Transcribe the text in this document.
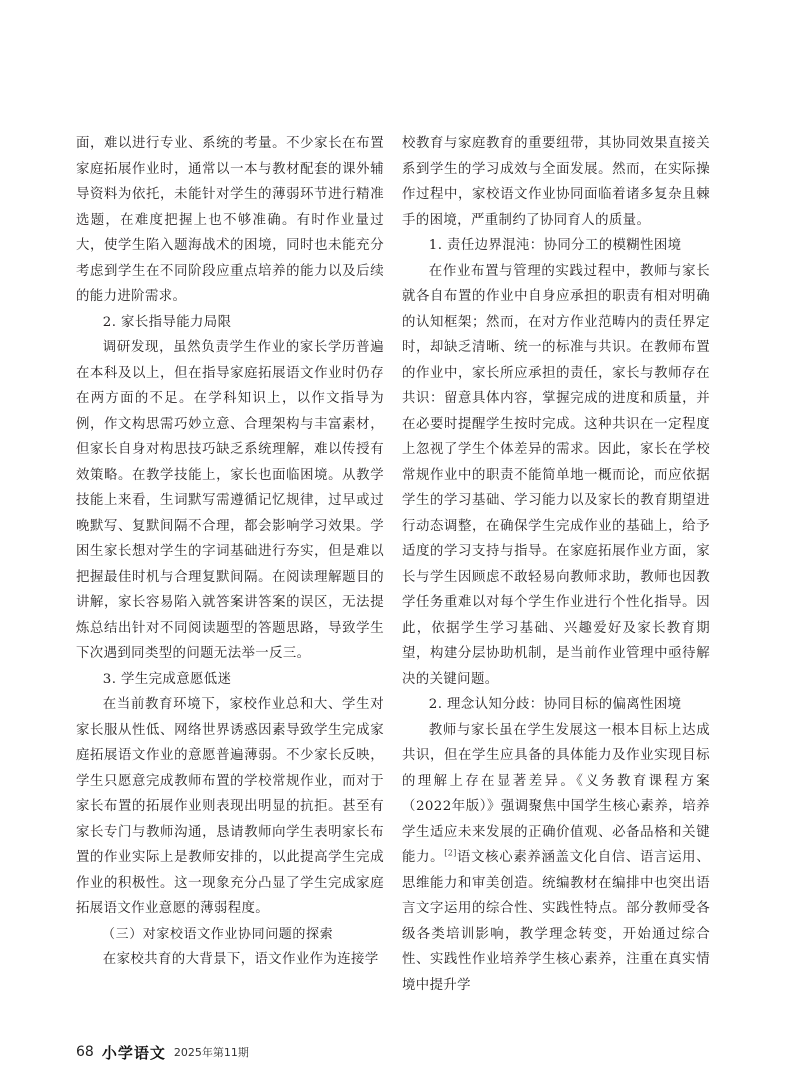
面，难以进行专业、系统的考量。不少家长在布置家庭拓展作业时，通常以一本与教材配套的课外辅导资料为依托，未能针对学生的薄弱环节进行精准选题，在难度把握上也不够准确。有时作业量过大，使学生陷入题海战术的困境，同时也未能充分考虑到学生在不同阶段应重点培养的能力以及后续的能力进阶需求。

2. 家长指导能力局限

调研发现，虽然负责学生作业的家长学历普遍在本科及以上，但在指导家庭拓展语文作业时仍存在两方面的不足。在学科知识上，以作文指导为例，作文构思需巧妙立意、合理架构与丰富素材，但家长自身对构思技巧缺乏系统理解，难以传授有效策略。在教学技能上，家长也面临困境。从教学技能上来看，生词默写需遵循记忆规律，过早或过晚默写、复默间隔不合理，都会影响学习效果。学困生家长想对学生的字词基础进行夯实，但是难以把握最佳时机与合理复默间隔。在阅读理解题目的讲解，家长容易陷入就答案讲答案的误区，无法提炼总结出针对不同阅读题型的答题思路，导致学生下次遇到同类型的问题无法举一反三。

3. 学生完成意愿低迷

在当前教育环境下，家校作业总和大、学生对家长服从性低、网络世界诱惑因素导致学生完成家庭拓展语文作业的意愿普遍薄弱。不少家长反映，学生只愿意完成教师布置的学校常规作业，而对于家长布置的拓展作业则表现出明显的抗拒。甚至有家长专门与教师沟通，恳请教师向学生表明家长布置的作业实际上是教师安排的，以此提高学生完成作业的积极性。这一现象充分凸显了学生完成家庭拓展语文作业意愿的薄弱程度。

（三）对家校语文作业协同问题的探索

在家校共育的大背景下，语文作业作为连接学

校教育与家庭教育的重要纽带，其协同效果直接关系到学生的学习成效与全面发展。然而，在实际操作过程中，家校语文作业协同面临着诸多复杂且棘手的困境，严重制约了协同育人的质量。

1. 责任边界混沌：协同分工的模糊性困境

在作业布置与管理的实践过程中，教师与家长就各自布置的作业中自身应承担的职责有相对明确的认知框架；然而，在对方作业范畴内的责任界定时，却缺乏清晰、统一的标准与共识。在教师布置的作业中，家长所应承担的责任，家长与教师存在共识：留意具体内容，掌握完成的进度和质量，并在必要时提醒学生按时完成。这种共识在一定程度上忽视了学生个体差异的需求。因此，家长在学校常规作业中的职责不能简单地一概而论，而应依据学生的学习基础、学习能力以及家长的教育期望进行动态调整，在确保学生完成作业的基础上，给予适度的学习支持与指导。在家庭拓展作业方面，家长与学生因顾虑不敢轻易向教师求助，教师也因教学任务重难以对每个学生作业进行个性化指导。因此，依据学生学习基础、兴趣爱好及家长教育期望，构建分层协助机制，是当前作业管理中亟待解决的关键问题。

2. 理念认知分歧：协同目标的偏离性困境

教师与家长虽在学生发展这一根本目标上达成共识，但在学生应具备的具体能力及作业实现目标的理解上存在显著差异。《义务教育课程方案（2022年版）》强调聚焦中国学生核心素养，培养学生适应未来发展的正确价值观、必备品格和关键能力。[2]语文核心素养涵盖文化自信、语言运用、思维能力和审美创造。统编教材在编排中也突出语言文字运用的综合性、实践性特点。部分教师受各级各类培训影响，教学理念转变，开始通过综合性、实践性作业培养学生核心素养，注重在真实情境中提升学

68 小学语文 2025年第11期
